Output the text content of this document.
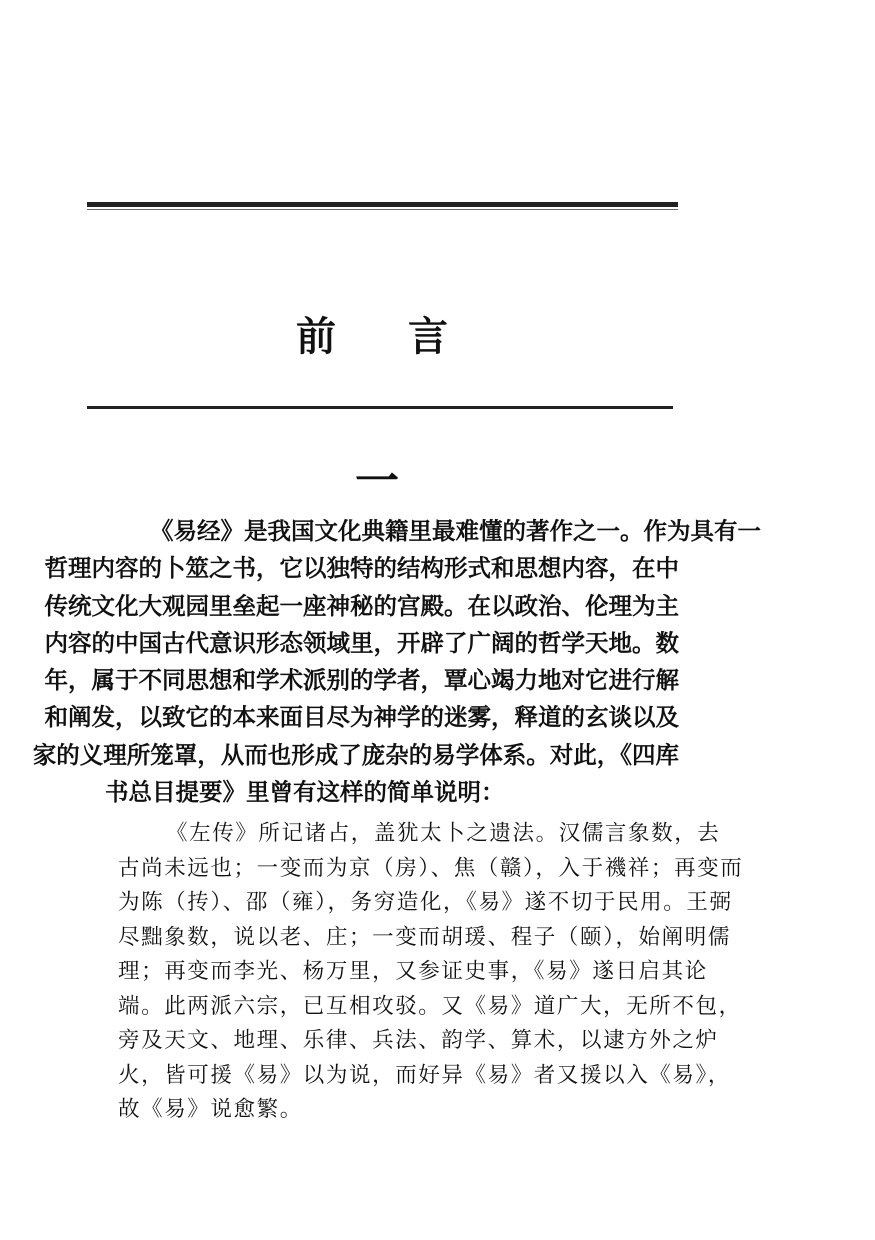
前言
一
《易经》是我国文化典籍里最难懂的著作之一。作为具有一
哲理内容的卜筮之书，它以独特的结构形式和思想内容，在中
传统文化大观园里垒起一座神秘的宫殿。在以政治、伦理为主
内容的中国古代意识形态领域里，开辟了广阔的哲学天地。数
年，属于不同思想和学术派别的学者，覃心竭力地对它进行解
和阐发，以致它的本来面目尽为神学的迷雾，释道的玄谈以及
家的义理所笼罩，从而也形成了庞杂的易学体系。对此，《四库
书总目提要》里曾有这样的简单说明：
《左传》所记诸占，盖犹太卜之遗法。汉儒言象数，去
古尚未远也；一变而为京（房）、焦（赣），入于禨祥；再变而
为陈（抟）、邵（雍），务穷造化，《易》遂不切于民用。王弼
尽黜象数，说以老、庄；一变而胡瑗、程子（颐），始阐明儒
理；再变而李光、杨万里，又参证史事，《易》遂日启其论
端。此两派六宗，已互相攻驳。又《易》道广大，无所不包，
旁及天文、地理、乐律、兵法、韵学、算术，以逮方外之炉
火，皆可援《易》以为说，而好异《易》者又援以入《易》，
故《易》说愈繁。
